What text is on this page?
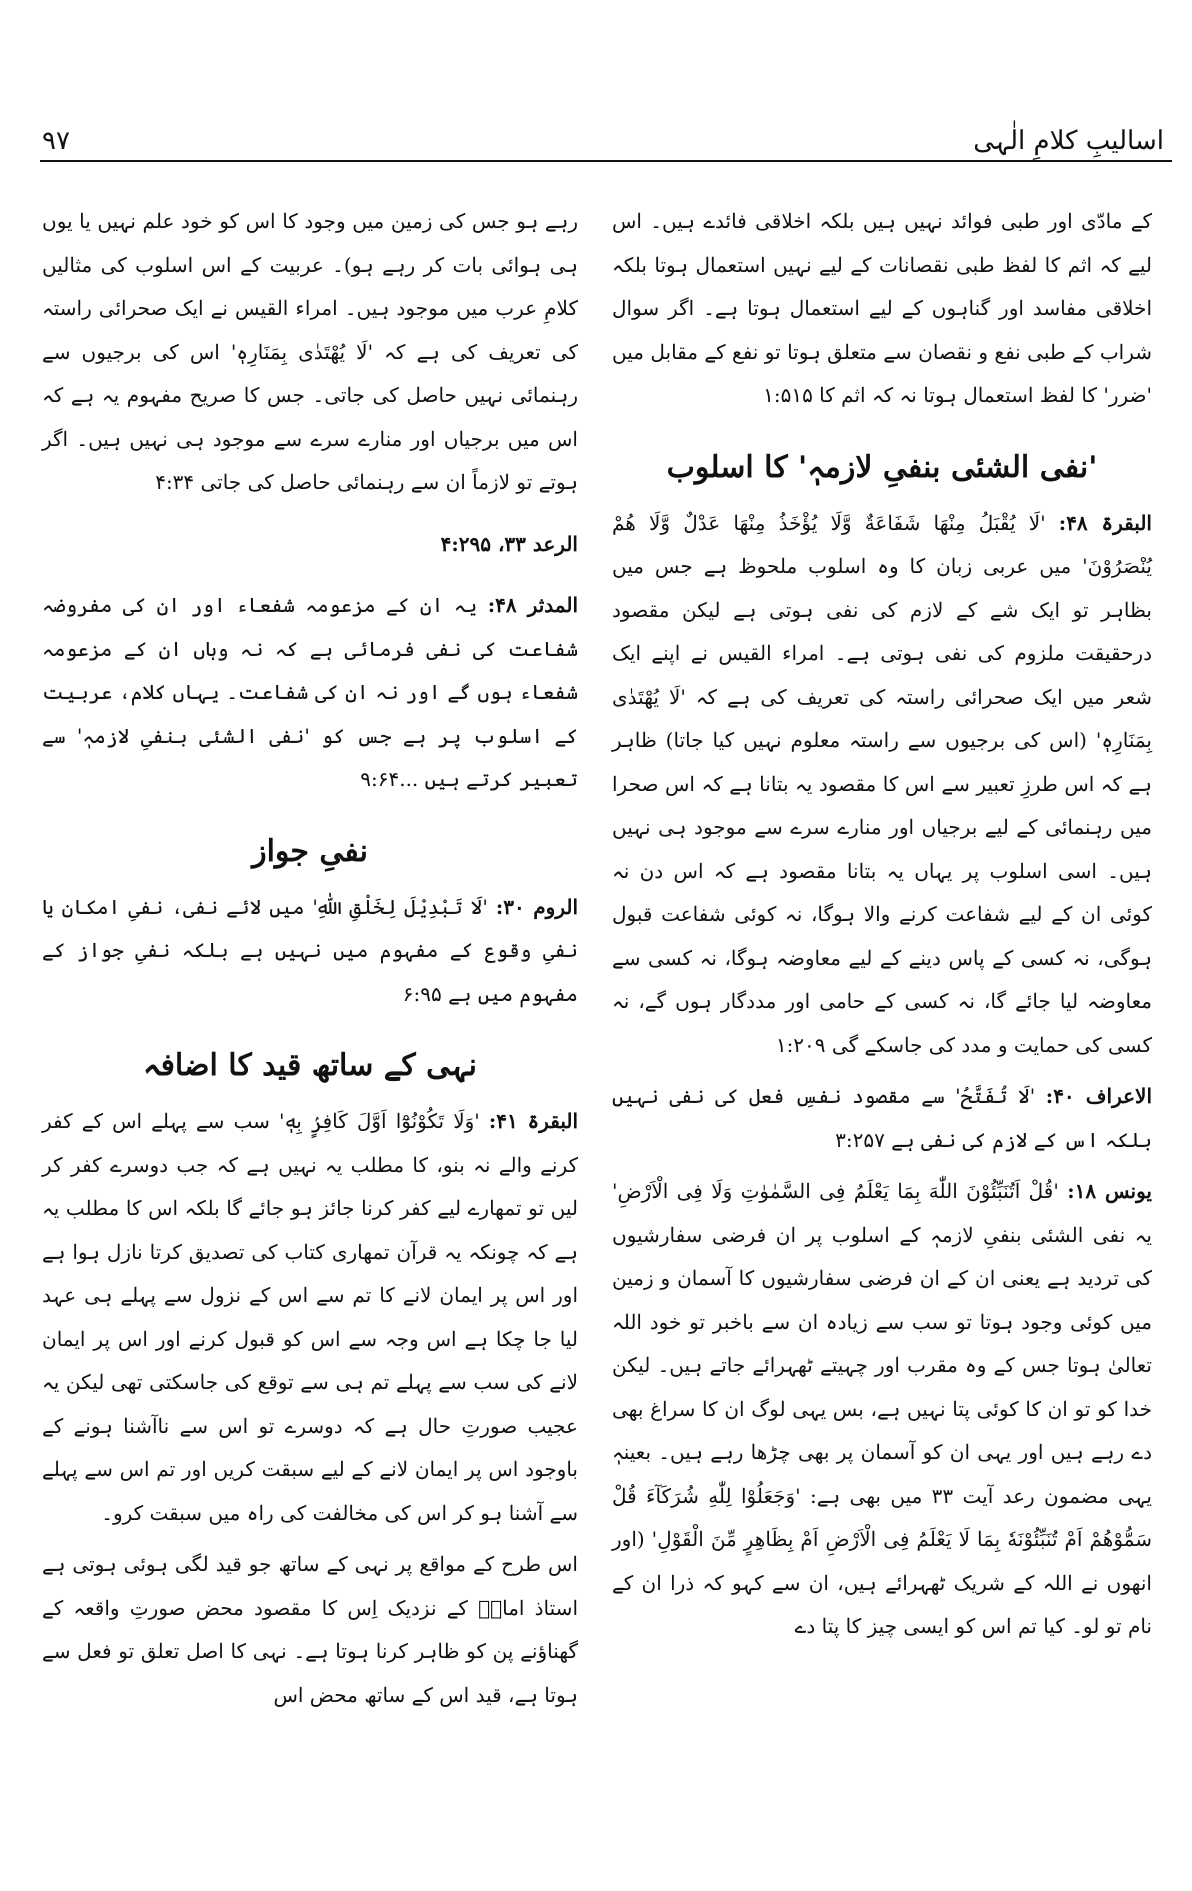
۹۷	اسالیبِ کلامِ الٰہی

کے مادّی اور طبی فوائد نہیں ہیں بلکہ اخلاقی فائدے ہیں۔ اس لیے کہ اثم کا لفظ طبی نقصانات کے لیے نہیں استعمال ہوتا بلکہ اخلاقی مفاسد اور گناہوں کے لیے استعمال ہوتا ہے۔ اگر سوال شراب کے طبی نفع و نقصان سے متعلق ہوتا تو نفع کے مقابل میں 'ضرر' کا لفظ استعمال ہوتا نہ کہ اثم کا ۱:۵۱۵

'نفی الشئی بنفیِ لازمہٖ' کا اسلوب

البقرۃ ۴۸: 'لَا یُقْبَلُ مِنْهَا شَفَاعَةٌ وَّلَا یُؤْخَذُ مِنْهَا عَدْلٌ وَّلَا هُمْ یُنْصَرُوْنَ' میں عربی زبان کا وہ اسلوب ملحوظ ہے جس میں بظاہر تو ایک شے کے لازم کی نفی ہوتی ہے لیکن مقصود درحقیقت ملزوم کی نفی ہوتی ہے۔ امراء القیس نے اپنے ایک شعر میں ایک صحرائی راستہ کی تعریف کی ہے کہ 'لَا یُهْتَدٰی بِمَنَارِهٖ' (اس کی برجیوں سے راستہ معلوم نہیں کیا جاتا) ظاہر ہے کہ اس طرزِ تعبیر سے اس کا مقصود یہ بتانا ہے کہ اس صحرا میں رہنمائی کے لیے برجیاں اور منارے سرے سے موجود ہی نہیں ہیں۔ اسی اسلوب پر یہاں یہ بتانا مقصود ہے کہ اس دن نہ کوئی ان کے لیے شفاعت کرنے والا ہوگا، نہ کوئی شفاعت قبول ہوگی، نہ کسی کے پاس دینے کے لیے معاوضہ ہوگا، نہ کسی سے معاوضہ لیا جائے گا، نہ کسی کے حامی اور مددگار ہوں گے، نہ کسی کی حمایت و مدد کی جاسکے گی ۱:۲۰۹

الاعراف ۴۰: 'لَا تُفَتَّحُ' سے مقصود نفسِ فعل کی نفی نہیں بلکہ اس کے لازم کی نفی ہے ۳:۲۵۷

یونس ۱۸: 'قُلْ اَتُنَبِّئُوْنَ اللّٰهَ بِمَا یَعْلَمُ فِی السَّمٰوٰتِ وَلَا فِی الْاَرْضِ' یہ نفی الشئی بنفیِ لازمہٖ کے اسلوب پر ان فرضی سفارشیوں کی تردید ہے یعنی ان کے ان فرضی سفارشیوں کا آسمان و زمین میں کوئی وجود ہوتا تو سب سے زیادہ ان سے باخبر تو خود اللہ تعالیٰ ہوتا جس کے وہ مقرب اور چہیتے ٹھہرائے جاتے ہیں۔ لیکن خدا کو تو ان کا کوئی پتا نہیں ہے، بس یہی لوگ ان کا سراغ بھی دے رہے ہیں اور یہی ان کو آسمان پر بھی چڑھا رہے ہیں۔ بعینہٖ یہی مضمون رعد آیت ۳۳ میں بھی ہے: 'وَجَعَلُوْا لِلّٰهِ شُرَكَآءَ قُلْ سَمُّوْهُمْ اَمْ تُنَبِّئُوْنَهٗ بِمَا لَا یَعْلَمُ فِی الْاَرْضِ اَمْ بِظَاهِرٍ مِّنَ الْقَوْلِ' (اور انھوں نے اللہ کے شریک ٹھہرائے ہیں، ان سے کہو کہ ذرا ان کے نام تو لو۔ کیا تم اس کو ایسی چیز کا پتا دے

رہے ہو جس کی زمین میں وجود کا اس کو خود علم نہیں یا یوں ہی ہوائی بات کر رہے ہو)۔ عربیت کے اس اسلوب کی مثالیں کلامِ عرب میں موجود ہیں۔ امراء القیس نے ایک صحرائی راستہ کی تعریف کی ہے کہ 'لَا یُهْتَدٰی بِمَنَارِهٖ' اس کی برجیوں سے رہنمائی نہیں حاصل کی جاتی۔ جس کا صریح مفہوم یہ ہے کہ اس میں برجیاں اور منارے سرے سے موجود ہی نہیں ہیں۔ اگر ہوتے تو لازماً ان سے رہنمائی حاصل کی جاتی ۴:۳۴

الرعد ۳۳، ۴:۲۹۵

المدثر ۴۸: یہ ان کے مزعومہ شفعاء اور ان کی مفروضہ شفاعت کی نفی فرمائی ہے کہ نہ وہاں ان کے مزعومہ شفعاء ہوں گے اور نہ ان کی شفاعت۔ یہاں کلام، عربیت کے اسلوب پر ہے جس کو 'نفی الشئی بنفیِ لازمہٖ' سے تعبیر کرتے ہیں ...۹:۶۴

نفیِ جواز

الروم ۳۰: 'لَا تَبْدِیْلَ لِخَلْقِ اللّٰهِ' میں لائے نفی، نفیِ امکان یا نفیِ وقوع کے مفہوم میں نہیں ہے بلکہ نفیِ جواز کے مفہوم میں ہے ۶:۹۵

نہی کے ساتھ قید کا اضافہ

البقرۃ ۴۱: 'وَلَا تَكُوْنُوْٓا اَوَّلَ كَافِرٍۢ بِهٖ' سب سے پہلے اس کے کفر کرنے والے نہ بنو، کا مطلب یہ نہیں ہے کہ جب دوسرے کفر کر لیں تو تمھارے لیے کفر کرنا جائز ہو جائے گا بلکہ اس کا مطلب یہ ہے کہ چونکہ یہ قرآن تمھاری کتاب کی تصدیق کرتا نازل ہوا ہے اور اس پر ایمان لانے کا تم سے اس کے نزول سے پہلے ہی عہد لیا جا چکا ہے اس وجہ سے اس کو قبول کرنے اور اس پر ایمان لانے کی سب سے پہلے تم ہی سے توقع کی جاسکتی تھی لیکن یہ عجیب صورتِ حال ہے کہ دوسرے تو اس سے ناآشنا ہونے کے باوجود اس پر ایمان لانے کے لیے سبقت کریں اور تم اس سے پہلے سے آشنا ہو کر اس کی مخالفت کی راہ میں سبقت کرو۔

اس طرح کے مواقع پر نہی کے ساتھ جو قید لگی ہوئی ہوتی ہے استاذ امامؒ کے نزدیک اِس کا مقصود محض صورتِ واقعہ کے گھناؤنے پن کو ظاہر کرنا ہوتا ہے۔ نہی کا اصل تعلق تو فعل سے ہوتا ہے، قید اس کے ساتھ محض اس
